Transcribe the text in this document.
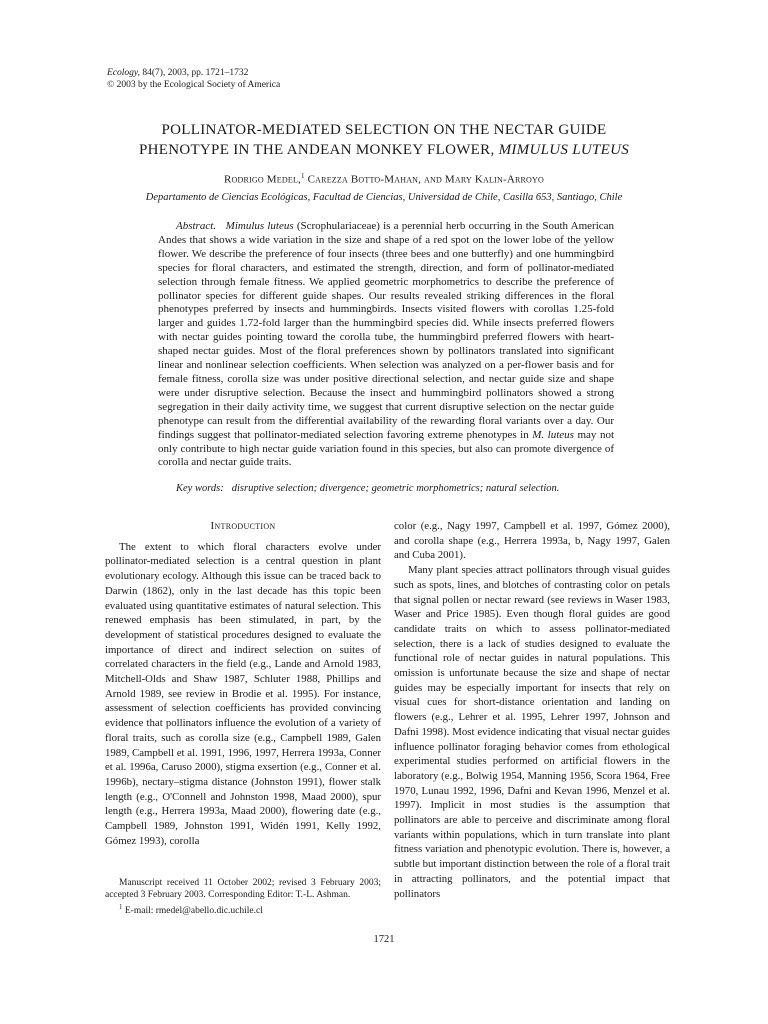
Ecology, 84(7), 2003, pp. 1721–1732
© 2003 by the Ecological Society of America
POLLINATOR-MEDIATED SELECTION ON THE NECTAR GUIDE
PHENOTYPE IN THE ANDEAN MONKEY FLOWER, MIMULUS LUTEUS
Rodrigo Medel,$^1$ Carezza Botto-Mahan, and Mary Kalin-Arroyo
Departamento de Ciencias Ecológicas, Facultad de Ciencias, Universidad de Chile, Casilla 653, Santiago, Chile

Abstract. Mimulus luteus (Scrophulariaceae) is a perennial herb occurring in the South American Andes that shows a wide variation in the size and shape of a red spot on the lower lobe of the yellow flower. We describe the preference of four insects (three bees and one butterfly) and one hummingbird species for floral characters, and estimated the strength, direction, and form of pollinator-mediated selection through female fitness. We applied geometric morphometrics to describe the preference of pollinator species for different guide shapes. Our results revealed striking differences in the floral phenotypes preferred by insects and hummingbirds. Insects visited flowers with corollas 1.25-fold larger and guides 1.72-fold larger than the hummingbird species did. While insects preferred flowers with nectar guides pointing toward the corolla tube, the hummingbird preferred flowers with heart-shaped nectar guides. Most of the floral preferences shown by pollinators translated into significant linear and nonlinear selection coefficients. When selection was analyzed on a per-flower basis and for female fitness, corolla size was under positive directional selection, and nectar guide size and shape were under disruptive selection. Because the insect and hummingbird pollinators showed a strong segregation in their daily activity time, we suggest that current disruptive selection on the nectar guide phenotype can result from the differential availability of the rewarding floral variants over a day. Our findings suggest that pollinator-mediated selection favoring extreme phenotypes in M. luteus may not only contribute to high nectar guide variation found in this species, but also can promote divergence of corolla and nectar guide traits.

Key words: disruptive selection; divergence; geometric morphometrics; natural selection.
Introduction

The extent to which floral characters evolve under pollinator-mediated selection is a central question in plant evolutionary ecology. Although this issue can be traced back to Darwin (1862), only in the last decade has this topic been evaluated using quantitative estimates of natural selection. This renewed emphasis has been stimulated, in part, by the development of statistical procedures designed to evaluate the importance of direct and indirect selection on suites of correlated characters in the field (e.g., Lande and Arnold 1983, Mitchell-Olds and Shaw 1987, Schluter 1988, Phillips and Arnold 1989, see review in Brodie et al. 1995). For instance, assessment of selection coefficients has provided convincing evidence that pollinators influence the evolution of a variety of floral traits, such as corolla size (e.g., Campbell 1989, Galen 1989, Campbell et al. 1991, 1996, 1997, Herrera 1993a, Conner et al. 1996a, Caruso 2000), stigma exsertion (e.g., Conner et al. 1996b), nectary–stigma distance (Johnston 1991), flower stalk length (e.g., O'Connell and Johnston 1998, Maad 2000), spur length (e.g., Herrera 1993a, Maad 2000), flowering date (e.g., Campbell 1989, Johnston 1991, Widén 1991, Kelly 1992, Gómez 1993), corolla

color (e.g., Nagy 1997, Campbell et al. 1997, Gómez 2000), and corolla shape (e.g., Herrera 1993a, b, Nagy 1997, Galen and Cuba 2001).

Many plant species attract pollinators through visual guides such as spots, lines, and blotches of contrasting color on petals that signal pollen or nectar reward (see reviews in Waser 1983, Waser and Price 1985). Even though floral guides are good candidate traits on which to assess pollinator-mediated selection, there is a lack of studies designed to evaluate the functional role of nectar guides in natural populations. This omission is unfortunate because the size and shape of nectar guides may be especially important for insects that rely on visual cues for short-distance orientation and landing on flowers (e.g., Lehrer et al. 1995, Lehrer 1997, Johnson and Dafni 1998). Most evidence indicating that visual nectar guides influence pollinator foraging behavior comes from ethological experimental studies performed on artificial flowers in the laboratory (e.g., Bolwig 1954, Manning 1956, Scora 1964, Free 1970, Lunau 1992, 1996, Dafni and Kevan 1996, Menzel et al. 1997). Implicit in most studies is the assumption that pollinators are able to perceive and discriminate among floral variants within populations, which in turn translate into plant fitness variation and phenotypic evolution. There is, however, a subtle but important distinction between the role of a floral trait in attracting pollinators, and the potential impact that pollinators

Manuscript received 11 October 2002; revised 3 February 2003; accepted 3 February 2003. Corresponding Editor: T.-L. Ashman.

$^1$ E-mail: rmedel@abello.dic.uchile.cl

1721
